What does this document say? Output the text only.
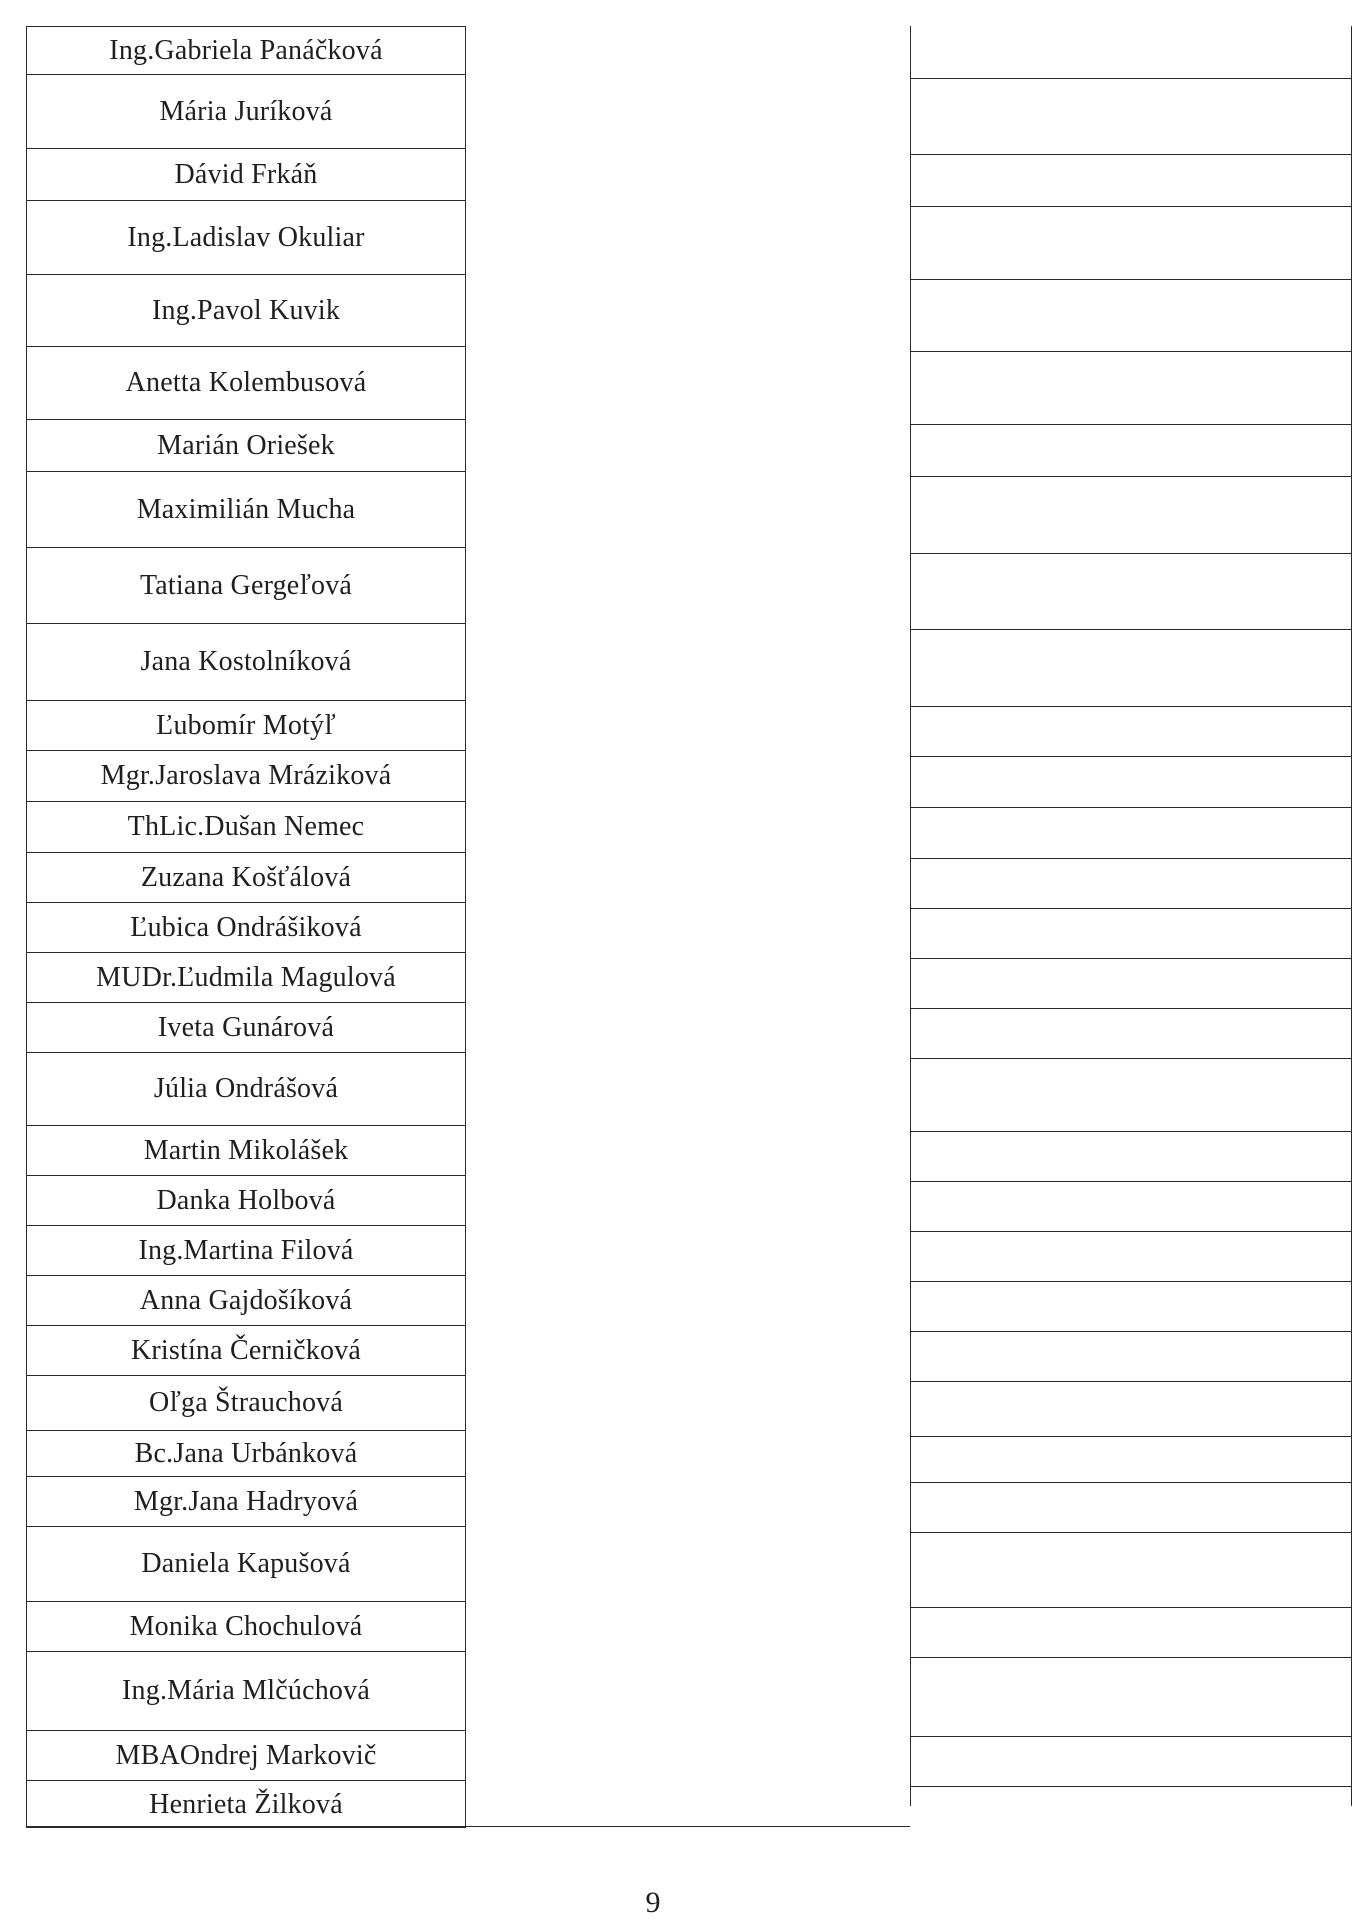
Ing.Gabriela Panáčková
Mária Juríková
Dávid Frkáň
Ing.Ladislav Okuliar
Ing.Pavol Kuvik
Anetta Kolembusová
Marián Oriešek
Maximilián Mucha
Tatiana Gergeľová
Jana Kostolníková
Ľubomír Motýľ
Mgr.Jaroslava Mráziková
ThLic.Dušan Nemec
Zuzana Košťálová
Ľubica Ondrášiková
MUDr.Ľudmila Magulová
Iveta Gunárová
Júlia Ondrášová
Martin Mikolášek
Danka Holbová
Ing.Martina Filová
Anna Gajdošíková
Kristína Černičková
Oľga Štrauchová
Bc.Jana Urbánková
Mgr.Jana Hadryová
Daniela Kapušová
Monika Chochulová
Ing.Mária Mlčúchová
MBAOndrej Markovič
Henrieta Žilková
9
